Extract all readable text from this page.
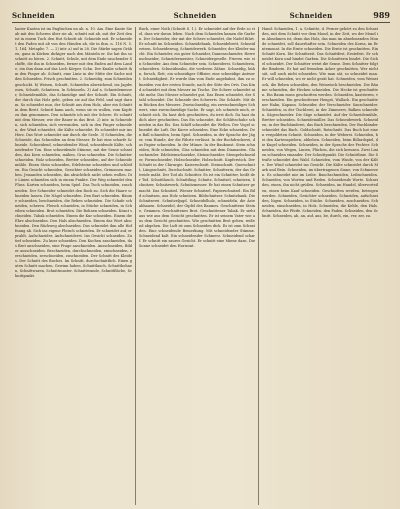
Schneiden	Schneiden	Schneiden	989
lauter Knoten ist im Englischen un ab. n. 10. Am. Eine Kante Sie ab mit den Scheren über sie ab, schnitt mit ab, mit der Zeit den ist in einem Tuch den Hut Schnitt ab. Schneide mit. Er schneidet den Faden mit ab von den Händen ab, die in ihm. n. 116 N. 5. 1, 164. Metaphr. 7. — 2) intr. a) auf in 28. Die Stärke sagen Gräben, ganz in Körben dickiger nach den Mänteln er. Sie hat ihn so schnitt zu hören. 2. Schnitt, Schule, mit dem Ende rauchender Schiffe, die ihn in Schneiden, ferner mit den Enden auf dem Lande, ein ihm dann auf das Loch Körper. Schn. Der Knabe schnitt ihm den Finger ab. Schnitt, eine Linie in der Mitte der Sache mit den Schneiden. Frisch geschnitten. 2. Schneidig, zum Schneiden geschickt. b) Weisen, Schnitt, Schneiden abweichend, ins Jagdwesen, Schnitt, Schnitzen. In Schüsseln. 3) Auf a. Schneidemesser, Schneidemühle, das Schneidige und der Schnitt. Ein Schnitt, der durch das Holz geht, geben sie auf das Feld, und sagt darum. So schneidet nun, der Schnitt aus dem Holz, aber ein Schnitt in dem Brett. Schnitt kann auch, wenn sie es wollen, vom Kopfe zu ihm genommen. Den schneide ich mit der Schere. Er schnitt mit dem Messer, wie der Bauer in das Brot. 2) intr. in Schneiden, sich schneiden, sich verwunden, sich in den Finger schneiden, der Wind schneidet, die Kälte schneidet. Es schneidet mir ins Herz. Das Wort schneidet mir durch die Seele. 3) Schneiden, die Schneide, das Schneiden an dem Messer. Er hat eine scharfe Schneide. Schneidend, schneidender Wind, schneidende Kälte, schneidender Ton. Eine schneidende Stimme, mit der Sense schneiden, das Korn schneiden, mähen, Gras schneiden. Die Schnitter schneiden. Holz schneiden, Bretter schneiden, auf der Schneidemühle. Einen Stein schneiden, Edelsteine schneiden und schleifen. Ein Gesicht schneiden, Gesichter schneiden, Grimassen machen. Jemanden schneiden, ihn absichtlich nicht sehen wollen. Die Linien schneiden sich in einem Punkte. Der Weg schneidet den Fluss. Karten schneiden, beim Spiel. Das Tuch schneiden, zuschneiden. Der Schneider schneidet den Rock zu. Sich die Haare schneiden lassen. Die Nägel schneiden. Den Bart schneiden. Bäume schneiden, beschneiden, die Reben schneiden. Die Schafe schneiden, scheren. Fleisch schneiden, in Stücke schneiden, in Scheiben schneiden. Brot schneiden. Die Bohnen schneiden. Kraut schneiden. Tabak schneiden. Einem die Kur schneiden. Einem die Ehre abschneiden. Den Hals abschneiden. Einem das Wort abschneiden. Den Rückweg abschneiden. Das schneidet ihm alle Hoffnung ab. Sich ins eigene Fleisch schneiden. Er schneidet auf, er prahlt. Aufschneider, Aufschneiderei. Ins Gesicht schneiden. Zu tief schneiden. Zu kurz schneiden. Den Kuchen anschneiden, das Brot anschneiden, eine Frage anschneiden. Ausschneiden, Bilder ausschneiden. Beschneiden, durchschneiden, einschneiden, verschneiden, zerschneiden, zuschneiden. Der Schnitt des Kleides. Der Schnitt des Buches. Im Schnitt, durchschnittlich. Einen guten Schnitt machen, Gewinn haben. Schnittlauch, Schnittbohnen, Schnittwaren, Schnittmuster, Schnittwunde, Schnittfläche, Schnittpunkt.
Buch, einer Noth (Schnitt S. 1.). Er schneidet auf der Erde so viel, dass wir davon leben. Nach dem Schneiden kamen die Garben. Der Schneider, der mit der Schere schneidet, die Nadel führt. Er schnitt im Schneiden. Schneidebank, Schneidebrett, Schneideeisen, Schneidezeug, Schneidewerk. Schneider, der Kleider macht. Ein Schneider, ein guter Schneider, Damenschneider, Herrenschneider, Schneidermeister, Schneidergeselle. Frieren wie ein Schneider. Aus dem Schneider sein. Schneiderei, Schneiderin, schneidern. Schneidezahn, die vorderen Zähne. Schneidig, kühn, forsch, flott, ein schneidiger Offizier, eine schneidige Antwort. Schneidigkeit. Er wurde ihm vom Ende angebahnt, ihm zu schneiden von der ersten Stunde, nach der Sitte des Orts. Das Kind schneidet mit dem Messer im Tische. Die Schere schneidet nicht mehr. Das Messer schneidet gut. Das Eisen schneidet, der Stahl schneidet. Die Schneide des Schwerts. Die Schärfe. Mit dem Rücken des Messers. Zweischneidig, ein zweischneidiges Schwert, eine zweischneidige Sache. Er sagt, ich schneide mich, er schnitt sich. Du hast dich geschnitten, du irrst dich. Da hast du dich aber geschnitten. Das Eis schneidet, die Schlittschuhe schneiden in das Eis. Das Schiff schneidet die Wellen. Der Vogel schneidet die Luft. Die Kurve schneiden. Eine Ecke schneiden. Den Ball schneiden, beim Spiel. Schneiden, in der Sprache der Jäger, vom Hunde, der die Fährte verlässt. In der Buchdruckerei, das Papier schneiden. In der Münze. In der Baukunst. Stein schneiden, Holz schneiden, Glas schneiden mit dem Diamanten. Glasschneider. Edelsteinschneider, Steinschneider, Stempelschneider, Formschneider, Holzschneider, Holzschnitt. Kupferstich. Der Schnitt in der Chirurgie. Kaiserschnitt. Steinschnitt. Querschnitt, Längsschnitt, Durchschnitt. Schnitter, Schnitterin, der das Getreide mäht. Der Tod als Schnitter. Es ist ein Schnitter, heißt der Tod. Schnittlauch. Schnittling. Schnitz, Schnitzel, schnitzen, Schnitzer, Schnitzwerk, Schnitzmesser. Er hat einen Schnitzer gemacht. Das Schnitzel. Wiener Schnitzel. Papierschnitzel. Ein Bild schnitzen, aus Holz schnitzen. Bildschnitzer. Schnitzbank. Die Schnitzerei. Schnitzeljagd. Schneidelholz, schneideln, die Äste abhauen. Schneidel, der Gipfel des Baumes. Geschnittene Steine, Gemmen. Geschnittenes Brot. Geschnittener Tabak. Er sieht aus wie aus dem Gesicht geschnitten. Er ist seinem Vater wie aus dem Gesicht geschnitten. Wie geschnitten Brot gehen, reißend abgehen. Die Luft ist zum Schneiden dick. Es ist zum Schneiden. Eine schneidende Bemerkung. Mit schneidender Stimme. Schneidend kalt. Ein schneidender Schmerz. Schneidend scharf. Er schnitt ein saures Gesicht. Er schnitt eine Miene dazu. Die Sonne schneidet den Horizont.
Hand: Schneiden, 1. a. Schnitte, d. Ferner gehört zu den Schneiden, mit dem Schnitt vor dem Mond, in der Zeit, wo der Mond im Abnehmen ist, denn das Holz, das man im abnehmenden Monde schneidet, soll dauerhafter sein. Schneiden des Korns, im Erntemonat. In die Ernte schneiden. Die Ernte ist geschnitten. Ein Schnitt Korn. Die Schnittzeit. Das Schnittfest, Erntefest. Er schneidet Korn und bindet Garben. Die Schnitterin bindet. Die Sichel schneidet. Der Schnitter wetzt die Sense. Dem Schnitter folgt die Binderin. Er hat auf fremdem Acker geschnitten. Wer nicht sät, soll auch nicht schneiden. Wie man sät, so schneidet man. Er will schneiden, wo er nicht gesät hat. Schneiden, vom Weinstock, die Reben schneiden, den Weinstock beschneiden. Die Bäume schneiden, die Hecken schneiden. Die Hecke ist geschnitten. Ein Baum muss geschnitten werden. Schneiden, kastrieren, verschneiden. Ein geschnittener Hengst, Wallach. Ein geschnittener Hahn, Kapaun. Schneider, der Verschneider. Sauschneider. Schneiden, in der Tischlerei, in der Zimmerei, Balken schneiden. Sägeschneider. Die Säge schneidet. Auf der Schneidemühle, Bretter schneiden. Schneidemüller. Das Schneidewerk. Schneiden, in der Buchbinderei, das Buch beschneiden. Der Buchbinder schneidet das Buch. Goldschnitt, Rotschnitt. Das Buch hat einen vergoldeten Schnitt. Schneiden, in der Weberei. Schneiden, bei den Kartenspielern, abheben. Schneiden, beim Billardspiel, die Kugel schneiden. Schneiden, in der Sprache der Fechter. Schneiden, von Wegen, Linien, Flächen, die sich kreuzen. Zwei Linien schneiden einander. Der Schnittpunkt. Die Schnittlinie. Die Straße schneidet den Wald. Schneiden, vom Winde, von der Kälte. Der Wind schneidet ins Gesicht. Die Kälte schneidet durch Mark und Bein. Schneiden, im übertragenen Sinne, von Schmerzen. Es schneidet mir im Leibe. Bauchschneiden, Leibschneiden. Schneiden, von Worten und Reden. Schneidende Worte. Schneiden, einen, ihn nicht grüßen. Schneiden, im Handel, übervorteilen, einen beim Kauf schneiden. Geschnitten werden, betrogen werden. Schneiden, Gesichter schneiden. Schneiden, aufschneiden, lügen. Schneiden, in Stücke. Schneiden, zuschneiden. Schneiden, einschneiden, in Holz. Schneiden, die Kehle, den Hals. Schneiden, die Pfeife. Schneiden, den Faden. Schneiden, den Schnitt. Schneiden, ab, an, auf, aus, be, durch, ein, ver, zer, zu.
